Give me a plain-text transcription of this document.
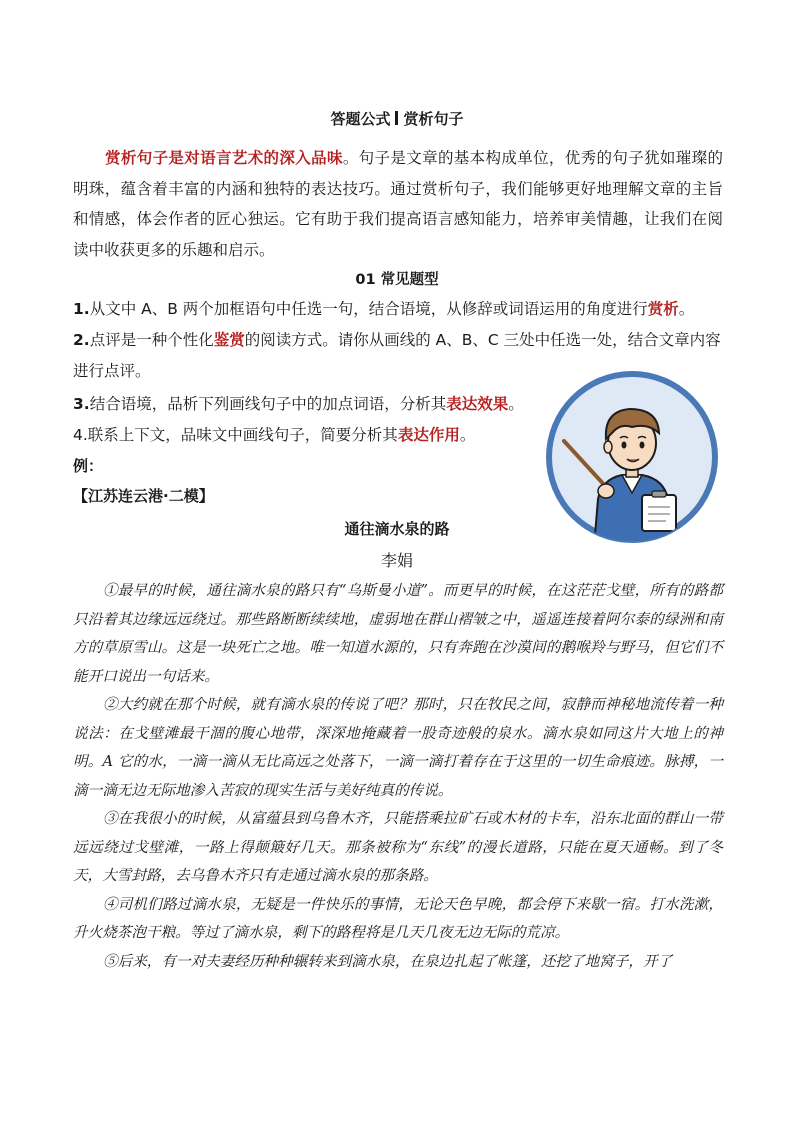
答题公式 赏析句子
赏析句子是对语言艺术的深入品味。句子是文章的基本构成单位，优秀的句子犹如璀璨的明珠，蕴含着丰富的内涵和独特的表达技巧。通过赏析句子，我们能够更好地理解文章的主旨和情感，体会作者的匠心独运。它有助于我们提高语言感知能力，培养审美情趣，让我们在阅读中收获更多的乐趣和启示。
01 常见题型
1.从文中 A、B 两个加框语句中任选一句，结合语境，从修辞或词语运用的角度进行赏析。
2.点评是一种个性化鉴赏的阅读方式。请你从画线的 A、B、C 三处中任选一处，结合文章内容进行点评。
3.结合语境，品析下列画线句子中的加点词语，分析其表达效果。
4.联系上下文，品味文中画线句子，简要分析其表达作用。
例：
【江苏连云港·二模】
通往滴水泉的路
李娟

①最早的时候，通往滴水泉的路只有“乌斯曼小道”。而更早的时候，在这茫茫戈壁，所有的路都只沿着其边缘远远绕过。那些路断断续续地，虚弱地在群山褶皱之中，遥遥连接着阿尔泰的绿洲和南方的草原雪山。这是一块死亡之地。唯一知道水源的，只有奔跑在沙漠间的鹅喉羚与野马，但它们不能开口说出一句话来。

②大约就在那个时候，就有滴水泉的传说了吧？那时，只在牧民之间，寂静而神秘地流传着一种说法：在戈壁滩最干涸的腹心地带，深深地掩藏着一股奇迹般的泉水。滴水泉如同这片大地上的神明。A 它的水，一滴一滴从无比高远之处落下，一滴一滴打着存在于这里的一切生命痕迹。脉搏，一滴一滴无边无际地渗入苦寂的现实生活与美好纯真的传说。

③在我很小的时候，从富蕴县到乌鲁木齐，只能搭乘拉矿石或木材的卡车，沿东北面的群山一带远远绕过戈壁滩，一路上得颠簸好几天。那条被称为“东线”的漫长道路，只能在夏天通畅。到了冬天，大雪封路，去乌鲁木齐只有走通过滴水泉的那条路。

④司机们路过滴水泉，无疑是一件快乐的事情，无论天色早晚，都会停下来歇一宿。打水洗漱，升火烧茶泡干粮。等过了滴水泉，剩下的路程将是几天几夜无边无际的荒凉。

⑤后来，有一对夫妻经历种种辗转来到滴水泉，在泉边扎起了帐篷，还挖了地窝子，开了
